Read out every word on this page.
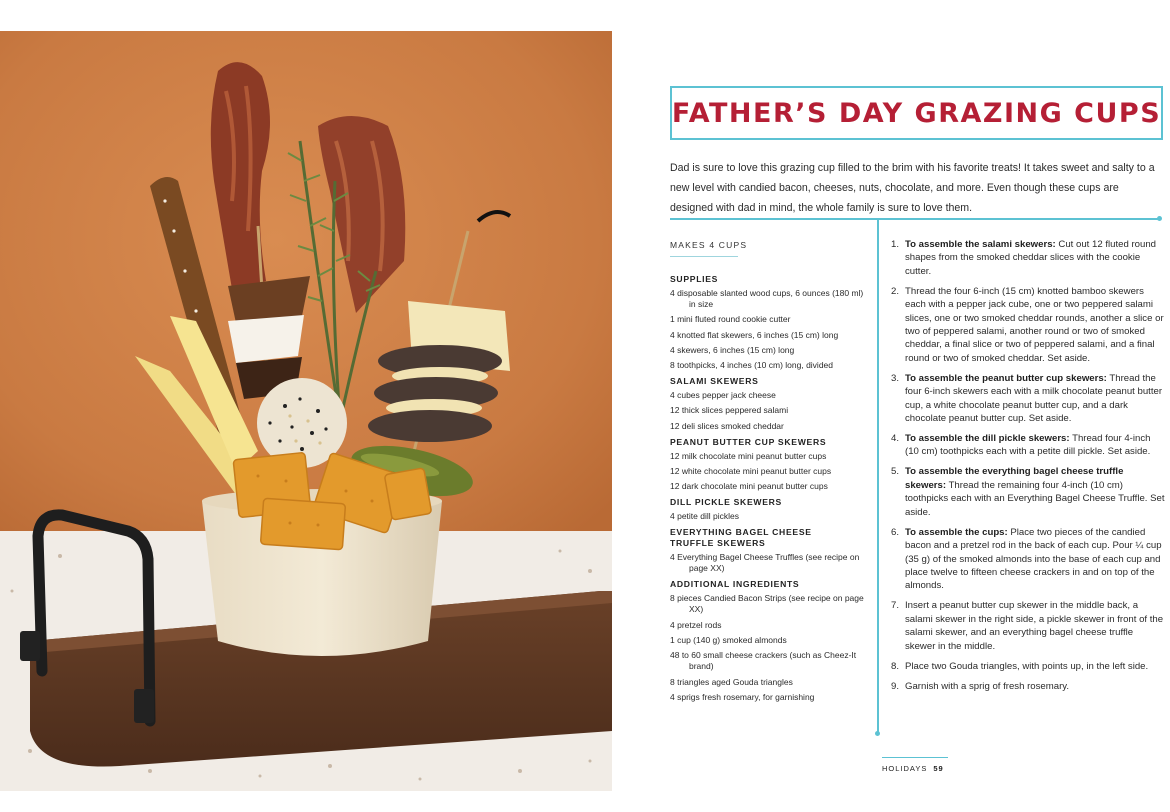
FATHER’S DAY GRAZING CUPS

Dad is sure to love this grazing cup filled to the brim with his favorite treats! It takes sweet and salty to a new level with candied bacon, cheeses, nuts, chocolate, and more. Even though these cups are designed with dad in mind, the whole family is sure to love them.

MAKES 4 CUPS
SUPPLIES
4 disposable slanted wood cups, 6 ounces (180 ml) in size
1 mini fluted round cookie cutter
4 knotted flat skewers, 6 inches (15 cm) long
4 skewers, 6 inches (15 cm) long
8 toothpicks, 4 inches (10 cm) long, divided
SALAMI SKEWERS
4 cubes pepper jack cheese
12 thick slices peppered salami
12 deli slices smoked cheddar
PEANUT BUTTER CUP SKEWERS
12 milk chocolate mini peanut butter cups
12 white chocolate mini peanut butter cups
12 dark chocolate mini peanut butter cups
DILL PICKLE SKEWERS
4 petite dill pickles
EVERYTHING BAGEL CHEESE TRUFFLE SKEWERS
4 Everything Bagel Cheese Truffles (see recipe on page XX)
ADDITIONAL INGREDIENTS
8 pieces Candied Bacon Strips (see recipe on page XX)
4 pretzel rods
1 cup (140 g) smoked almonds
48 to 60 small cheese crackers (such as Cheez-It brand)
8 triangles aged Gouda triangles
4 sprigs fresh rosemary, for garnishing
1. To assemble the salami skewers: Cut out 12 fluted round shapes from the smoked cheddar slices with the cookie cutter.
2. Thread the four 6-inch (15 cm) knotted bamboo skewers each with a pepper jack cube, one or two peppered salami slices, one or two smoked cheddar rounds, another a slice or two of peppered salami, another round or two of smoked cheddar, a final slice or two of peppered salami, and a final round or two of smoked cheddar. Set aside.
3. To assemble the peanut butter cup skewers: Thread the four 6-inch skewers each with a milk chocolate peanut butter cup, a white chocolate peanut butter cup, and a dark chocolate peanut butter cup. Set aside.
4. To assemble the dill pickle skewers: Thread four 4-inch (10 cm) toothpicks each with a petite dill pickle. Set aside.
5. To assemble the everything bagel cheese truffle skewers: Thread the remaining four 4-inch (10 cm) toothpicks each with an Everything Bagel Cheese Truffle. Set aside.
6. To assemble the cups: Place two pieces of the candied bacon and a pretzel rod in the back of each cup. Pour ¼ cup (35 g) of the smoked almonds into the base of each cup and place twelve to fifteen cheese crackers in and on top of the almonds.
7. Insert a peanut butter cup skewer in the middle back, a salami skewer in the right side, a pickle skewer in front of the salami skewer, and an everything bagel cheese truffle skewer in the middle.
8. Place two Gouda triangles, with points up, in the left side.
9. Garnish with a sprig of fresh rosemary.
HOLIDAYS 59
